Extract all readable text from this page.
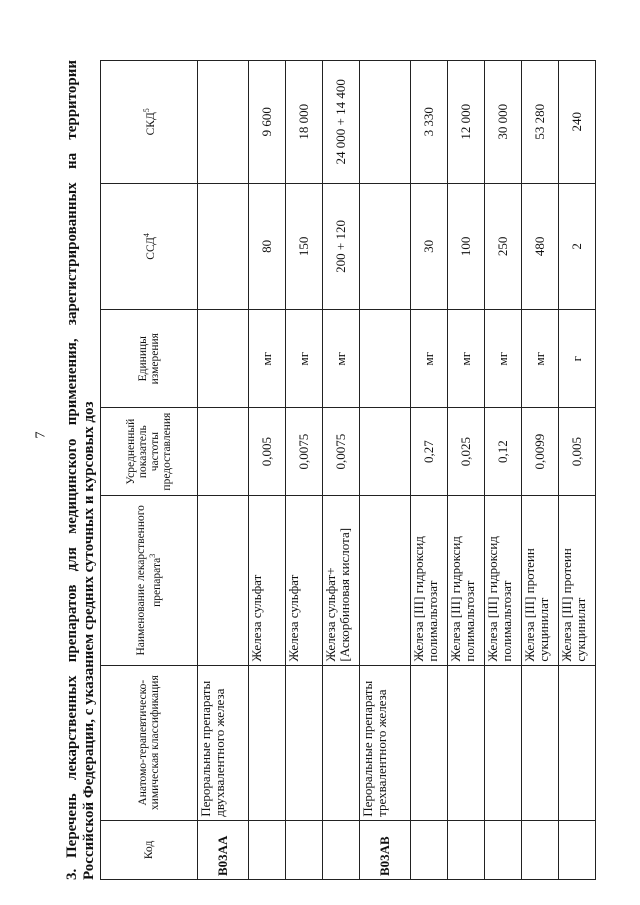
7
3.Перечень лекарственных препаратов для медицинского применения, зарегистрированных на территории Российской Федерации, с указанием средних суточных и курсовых доз	Код	Анатомо-терапевтическо-химическая классификация	Наименование лекарственного препарата$^3$	Усредненный показатель частоты предоставления	Единицы измерения	ССД$^4$	СКД$^5$
В03АА	Пероральные препараты двухвалентного железа					
		Железа сульфат	0,005	мг	80	9 600
		Железа сульфат	0,0075	мг	150	18 000
		Железа сульфат+[Аскорбиновая кислота]	0,0075	мг	200 + 120	24 000 + 14 400
В03АВ	Пероральные препараты трехвалентного железа					
		Железа [III] гидроксид полимальтозат	0,27	мг	30	3 330
		Железа [III] гидроксид полимальтозат	0,025	мг	100	12 000
		Железа [III] гидроксид полимальтозат	0,12	мг	250	30 000
		Железа [III] протеин сукцинилат	0,0099	мг	480	53 280
		Железа [III] протеин сукцинилат	0,005	г	2	240
